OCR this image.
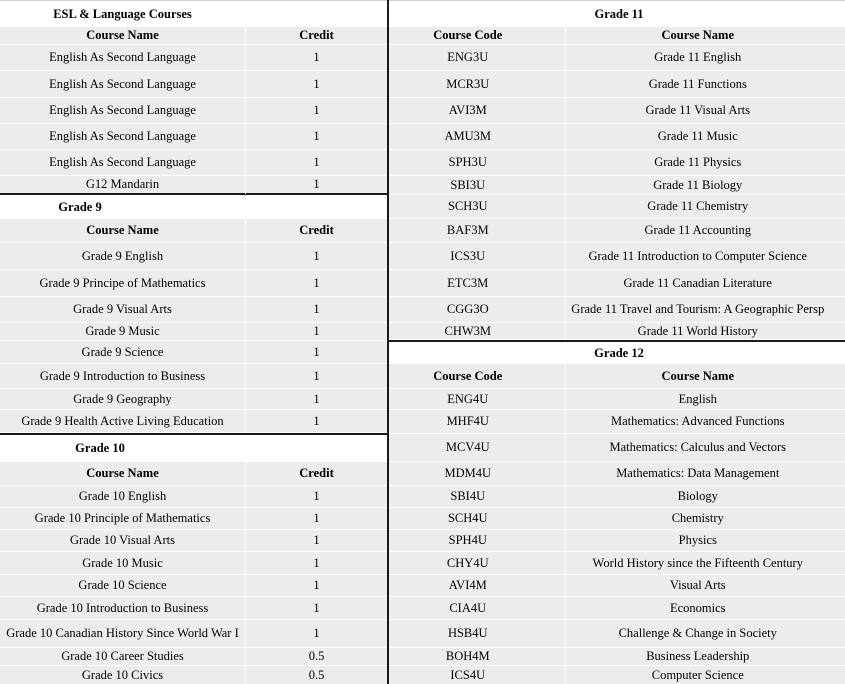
ESL & Language Courses
Course Name	Credit
English As Second Language	1
English As Second Language	1
English As Second Language	1
English As Second Language	1
English As Second Language	1
G12 Mandarin	1
Grade 9
Course Name	Credit
Grade 9 English	1
Grade 9 Principe of Mathematics	1
Grade 9 Visual Arts	1
Grade 9 Music	1
Grade 9 Science	1
Grade 9 Introduction to Business	1
Grade 9 Geography	1
Grade 9 Health Active Living Education	1
Grade 10
Course Name	Credit
Grade 10 English	1
Grade 10 Principle of Mathematics	1
Grade 10 Visual Arts	1
Grade 10 Music	1
Grade 10 Science	1
Grade 10 Introduction to Business	1
Grade 10 Canadian History Since World War I	1
Grade 10 Career Studies	0.5
Grade 10 Civics	0.5
Grade 11
Course Code	Course Name
ENG3U	Grade 11 English
MCR3U	Grade 11 Functions
AVI3M	Grade 11 Visual Arts
AMU3M	Grade 11 Music
SPH3U	Grade 11 Physics
SBI3U	Grade 11 Biology
SCH3U	Grade 11 Chemistry
BAF3M	Grade 11 Accounting
ICS3U	Grade 11 Introduction to Computer Science
ETC3M	Grade 11 Canadian Literature
CGG3O	Grade 11 Travel and Tourism: A Geographic Persp
CHW3M	Grade 11 World History
Grade 12
Course Code	Course Name
ENG4U	English
MHF4U	Mathematics: Advanced Functions
MCV4U	Mathematics: Calculus and Vectors
MDM4U	Mathematics: Data Management
SBI4U	Biology
SCH4U	Chemistry
SPH4U	Physics
CHY4U	World History since the Fifteenth Century
AVI4M	Visual Arts
CIA4U	Economics
HSB4U	Challenge & Change in Society
BOH4M	Business Leadership
ICS4U	Computer Science
